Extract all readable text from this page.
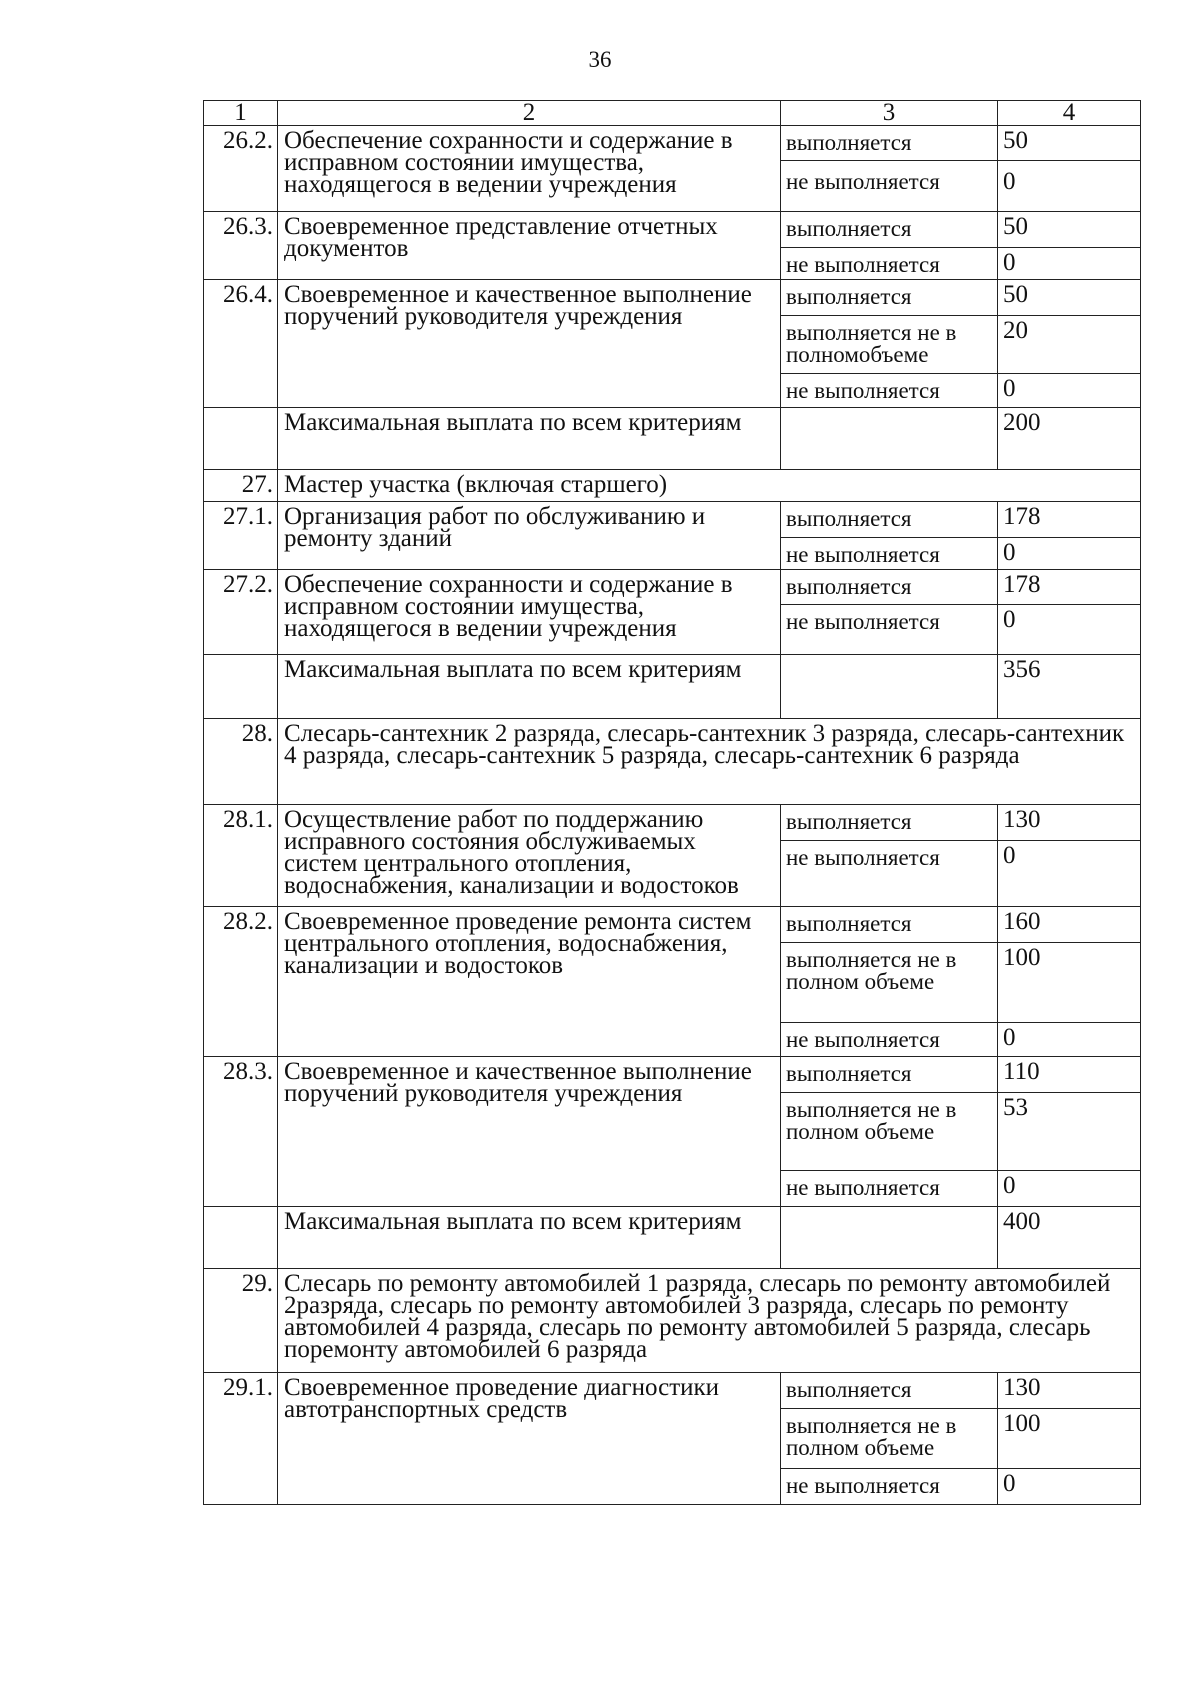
36
1	2	3	4
26.2.	Обеспечение сохранности и содержание в исправном состоянии имущества, находящегося в ведении учреждения	выполняется	50
		не выполняется	0
26.3.	Своевременное представление отчетных документов	выполняется	50
		не выполняется	0
26.4.	Своевременное и качественное выполнение поручений руководителя учреждения	выполняется	50
		выполняется не в полномобъеме	20
		не выполняется	0
	Максимальная выплата по всем критериям		200
27.	Мастер участка (включая старшего)		
27.1.	Организация работ по обслуживанию и ремонту зданий	выполняется	178
		не выполняется	0
27.2.	Обеспечение сохранности и содержание в исправном состоянии имущества, находящегося в ведении учреждения	выполняется	178
		не выполняется	0
	Максимальная выплата по всем критериям		356
28.	Слесарь-сантехник 2 разряда, слесарь-сантехник 3 разряда, слесарь-сантехник 4 разряда, слесарь-сантехник 5 разряда, слесарь-сантехник 6 разряда		
28.1.	Осуществление работ по поддержанию исправного состояния обслуживаемых систем центрального отопления, водоснабжения, канализации и водостоков	выполняется	130
		не выполняется	0
28.2.	Своевременное проведение ремонта систем центрального отопления, водоснабжения, канализации и водостоков	выполняется	160
		выполняется не в полном объеме	100
		не выполняется	0
28.3.	Своевременное и качественное выполнение поручений руководителя учреждения	выполняется	110
		выполняется не в полном объеме	53
		не выполняется	0
	Максимальная выплата по всем критериям		400
29.	Слесарь по ремонту автомобилей 1 разряда, слесарь по ремонту автомобилей 2разряда, слесарь по ремонту автомобилей 3 разряда, слесарь по ремонту автомобилей 4 разряда, слесарь по ремонту автомобилей 5 разряда, слесарь поремонту автомобилей 6 разряда		
29.1.	Своевременное проведение диагностики автотранспортных средств	выполняется	130
		выполняется не в полном объеме	100
		не выполняется	0
